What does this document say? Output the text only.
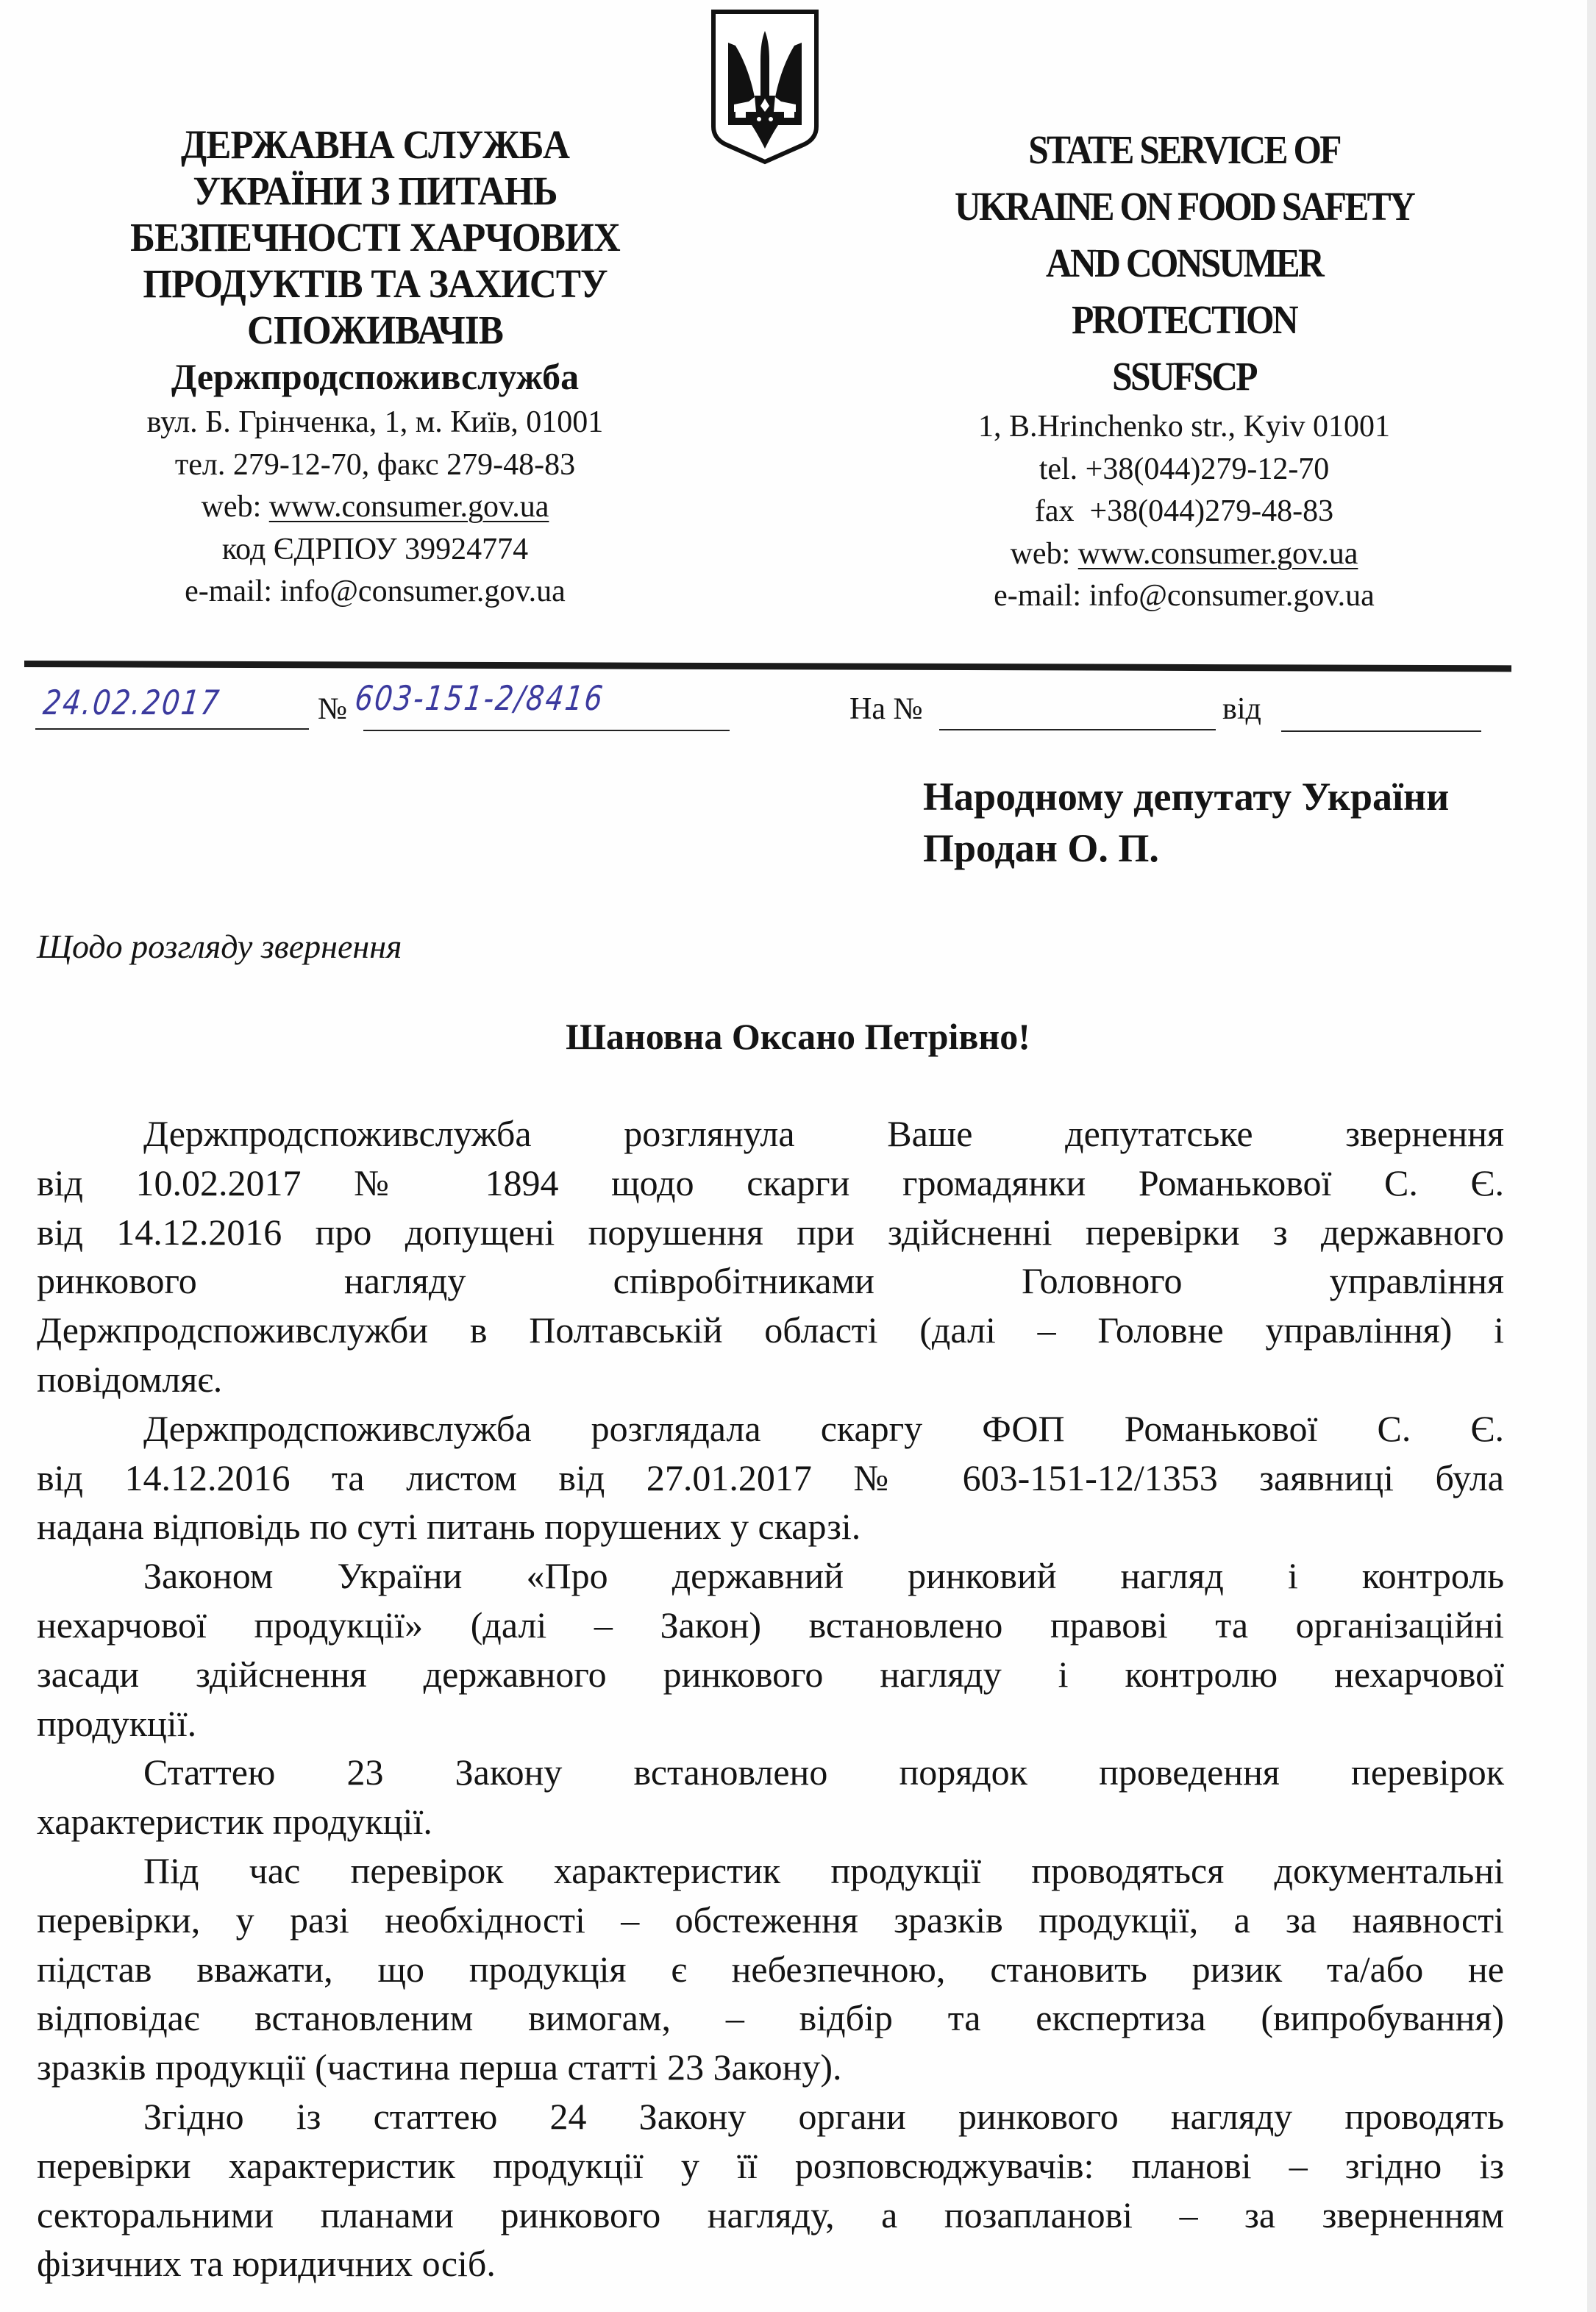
ДЕРЖАВНА СЛУЖБА
УКРАЇНИ З ПИТАНЬ
БЕЗПЕЧНОСТІ ХАРЧОВИХ
ПРОДУКТІВ ТА ЗАХИСТУ
СПОЖИВАЧІВ
Держпродспоживслужба
вул. Б. Грінченка, 1, м. Київ, 01001
тел. 279-12-70, факс 279-48-83
web: www.consumer.gov.ua
код ЄДРПОУ 39924774
e-mail: info@consumer.gov.ua
STATE SERVICE OF
UKRAINE ON FOOD SAFETY
AND CONSUMER
PROTECTION
SSUFSCP
1, B.Hrinchenko str., Kyiv 01001
tel. +38(044)279-12-70
fax  +38(044)279-48-83
web: www.consumer.gov.ua
e-mail: info@consumer.gov.ua
24.02.2017	№ 603-151-2/8416	На №	від
Народному депутату України
Продан О. П.
Щодо розгляду звернення
Шановна Оксано Петрівно!
Держпродспоживслужба розглянула Ваше депутатське звернення
від 10.02.2017 № 1894 щодо скарги громадянки Романькової С. Є.
від 14.12.2016 про допущені порушення при здійсненні перевірки з державного
ринкового нагляду співробітниками Головного управління
Держпродспоживслужби в Полтавській області (далі – Головне управління) і
повідомляє.
Держпродспоживслужба розглядала скаргу ФОП Романькової С. Є.
від 14.12.2016 та листом від 27.01.2017 № 603-151-12/1353 заявниці була
надана відповідь по суті питань порушених у скарзі.
Законом України «Про державний ринковий нагляд і контроль
нехарчової продукції» (далі – Закон) встановлено правові та організаційні
засади здійснення державного ринкового нагляду і контролю нехарчової
продукції.
Статтею 23 Закону встановлено порядок проведення перевірок
характеристик продукції.
Під час перевірок характеристик продукції проводяться документальні
перевірки, у разі необхідності – обстеження зразків продукції, а за наявності
підстав вважати, що продукція є небезпечною, становить ризик та/або не
відповідає встановленим вимогам, – відбір та експертиза (випробування)
зразків продукції (частина перша статті 23 Закону).
Згідно із статтею 24 Закону органи ринкового нагляду проводять
перевірки характеристик продукції у її розповсюджувачів: планові – згідно із
секторальними планами ринкового нагляду, а позапланові – за зверненням
фізичних та юридичних осіб.
